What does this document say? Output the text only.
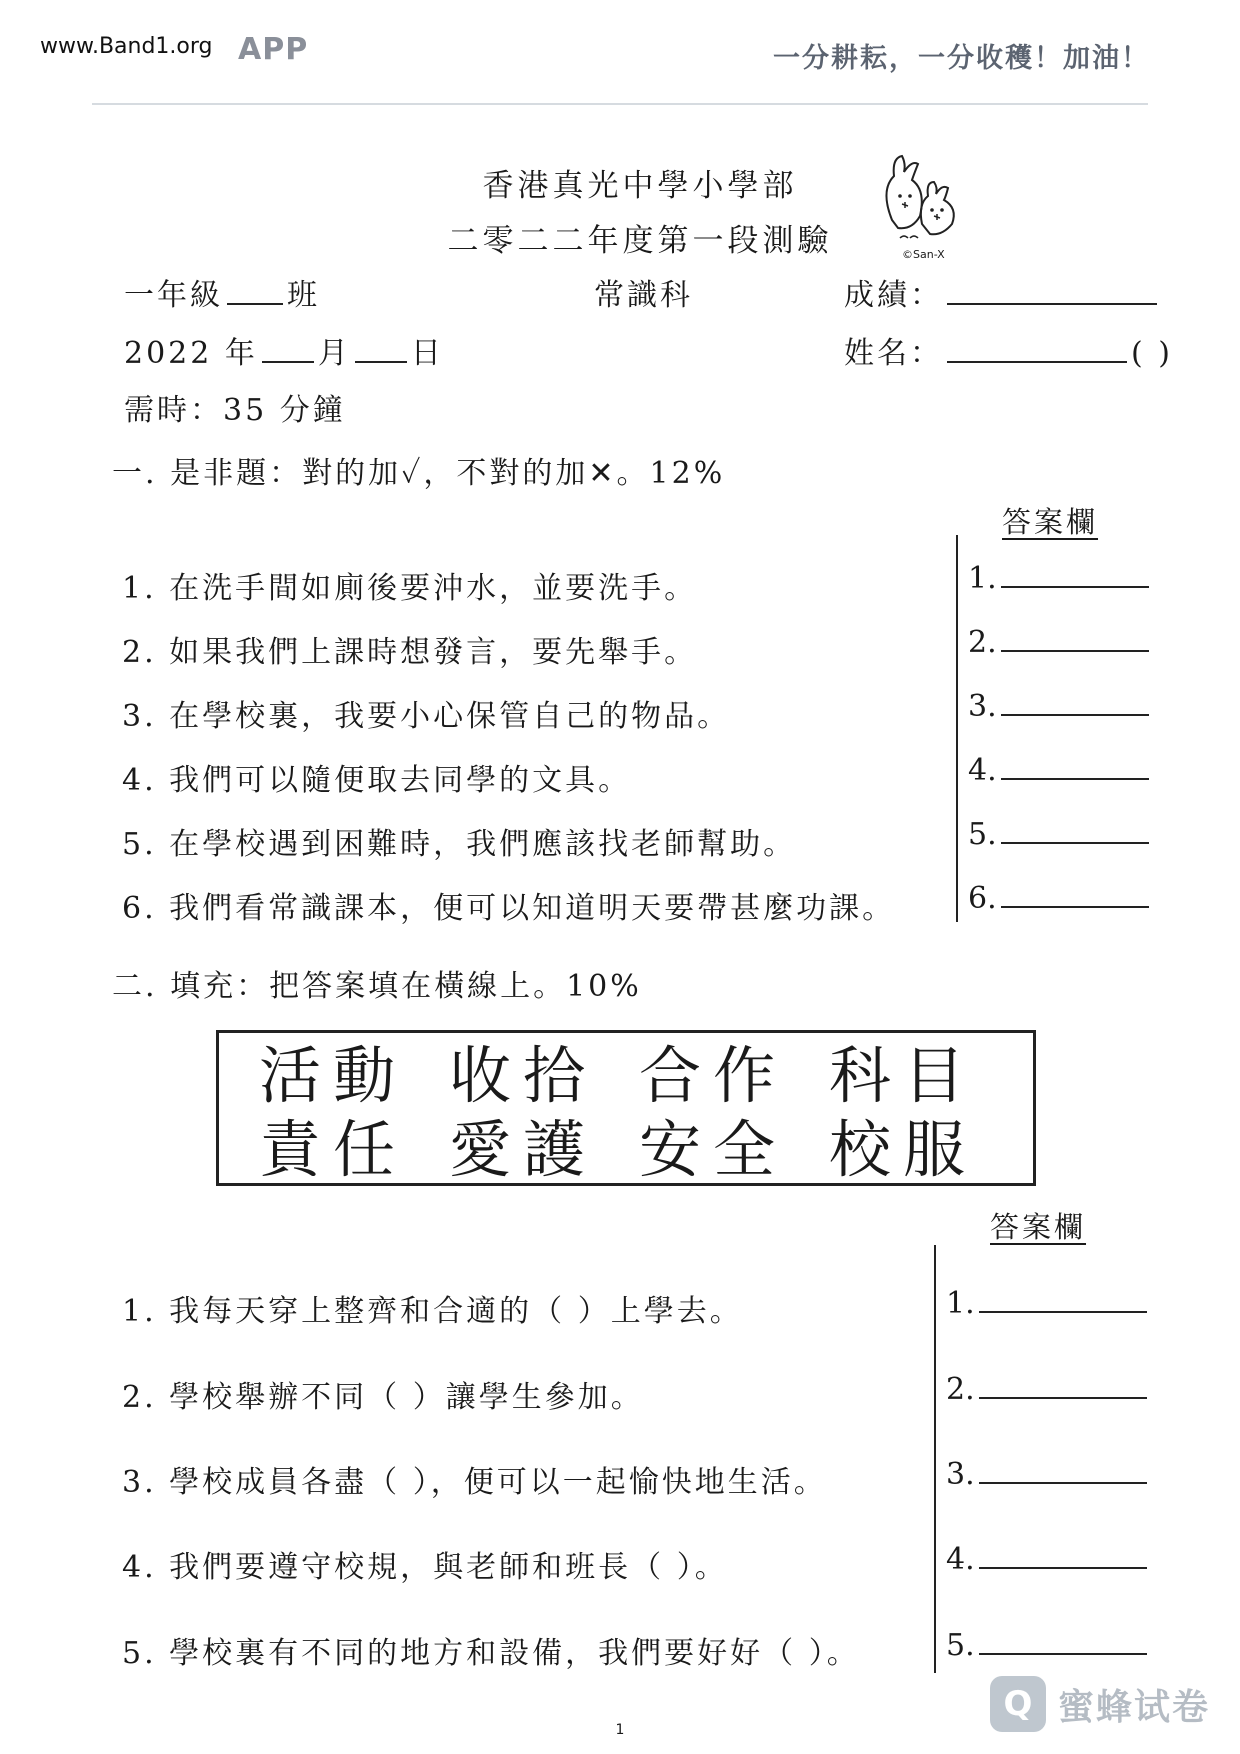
APP
www.Band1.org	一分耕耘，一分收穫！加油！
香港真光中學小學部
二零二二年度第一段測驗	©San-X
一年級 班	常識科	成績：
2022 年 月 日	姓名：	( )
需時：35 分鐘
一. 是非題：對的加✓，不對的加✕。12%
答案欄
1. 在洗手間如廁後要沖水，並要洗手。
2. 如果我們上課時想發言，要先舉手。
3. 在學校裏，我要小心保管自己的物品。
4. 我們可以隨便取去同學的文具。
5. 在學校遇到困難時，我們應該找老師幫助。
6. 我們看常識課本，便可以知道明天要帶甚麼功課。
1.
2.
3.
4.
5.
6.
二. 填充：把答案填在橫線上。10%
活動 收拾 合作 科目
責任 愛護 安全 校服
答案欄
1. 我每天穿上整齊和合適的（ ）上學去。
2. 學校舉辦不同（ ）讓學生參加。
3. 學校成員各盡（ ），便可以一起愉快地生活。
4. 我們要遵守校規，與老師和班長（ ）。
5. 學校裏有不同的地方和設備，我們要好好（ ）。
1.
2.
3.
4.
5.
1
Q 蜜蜂试卷
